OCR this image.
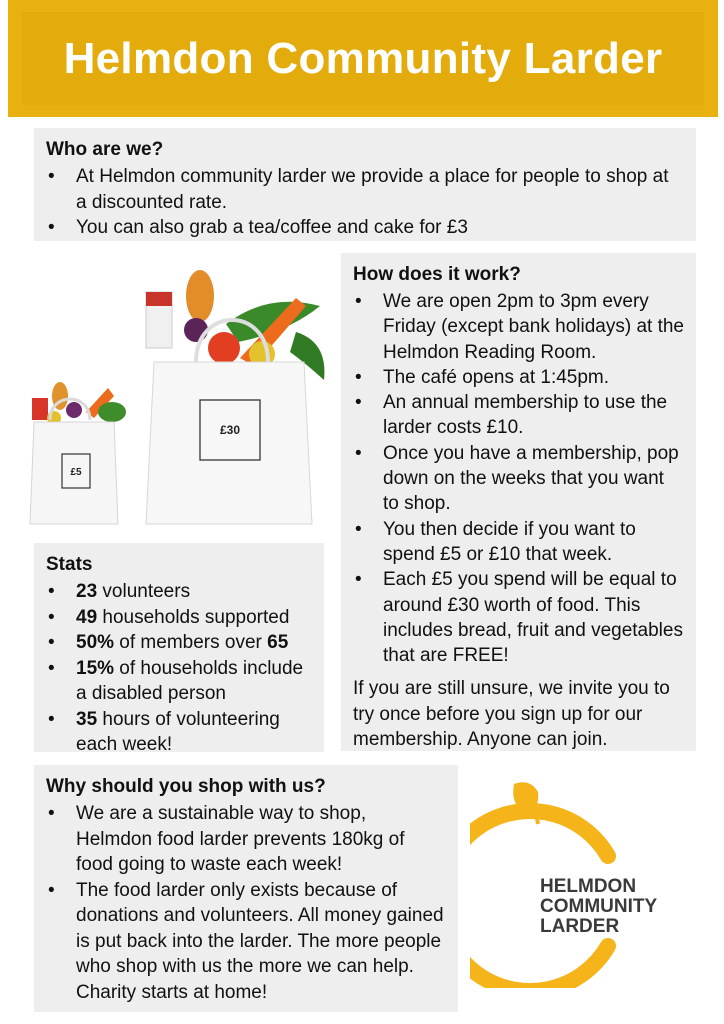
Helmdon Community Larder
Who are we?
• At Helmdon community larder we provide a place for people to shop at a discounted rate.
• You can also grab a tea/coffee and cake for £3
How does it work?
• We are open 2pm to 3pm every Friday (except bank holidays) at the Helmdon Reading Room.
• The café opens at 1:45pm.
• An annual membership to use the larder costs £10.
• Once you have a membership, pop down on the weeks that you want to shop.
• You then decide if you want to spend £5 or £10 that week.
• Each £5 you spend will be equal to around £30 worth of food. This includes bread, fruit and vegetables that are FREE!

If you are still unsure, we invite you to try once before you sign up for our membership. Anyone can join.

£5
£30
Stats
• 23 volunteers
• 49 households supported
• 50% of members over 65
• 15% of households include a disabled person
• 35 hours of volunteering each week!
Why should you shop with us?
• We are a sustainable way to shop, Helmdon food larder prevents 180kg of food going to waste each week!
• The food larder only exists because of donations and volunteers. All money gained is put back into the larder. The more people who shop with us the more we can help. Charity starts at home!
HELMDON
COMMUNITY
LARDER
